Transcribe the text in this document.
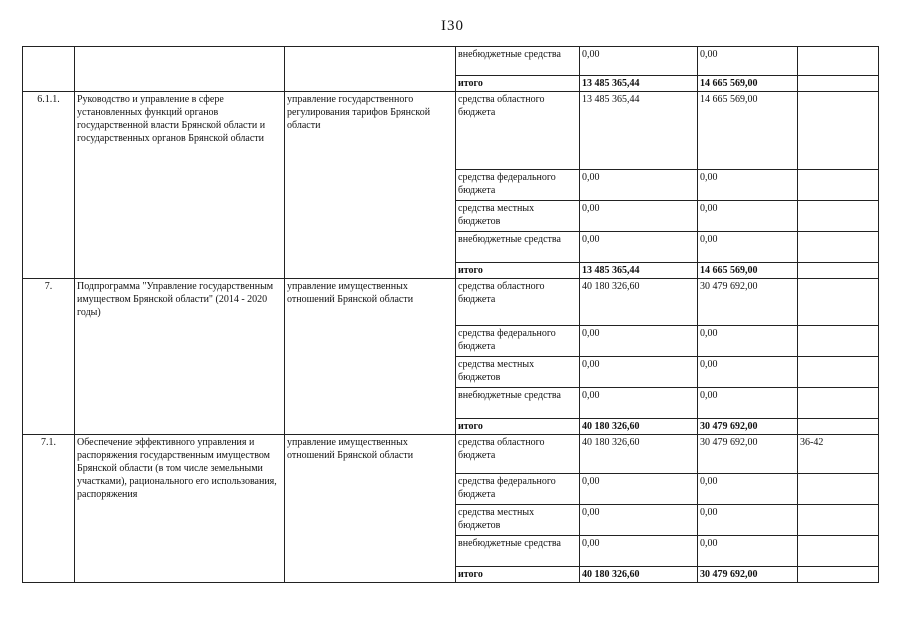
I30
			внебюджетные средства	0,00	0,00	
			итого	13 485 365,44	14 665 569,00	
6.1.1.	Руководство и управление в сфере установленных функций органов государственной власти Брянской области и государственных органов Брянской области	управление государственного регулирования тарифов Брянской области	средства областного бюджета	13 485 365,44	14 665 569,00	
			средства федерального бюджета	0,00	0,00	
			средства местных бюджетов	0,00	0,00	
			внебюджетные средства	0,00	0,00	
			итого	13 485 365,44	14 665 569,00	
7.	Подпрограмма "Управление государственным имуществом Брянской области" (2014 - 2020 годы)	управление имущественных отношений Брянской области	средства областного бюджета	40 180 326,60	30 479 692,00	
			средства федерального бюджета	0,00	0,00	
			средства местных бюджетов	0,00	0,00	
			внебюджетные средства	0,00	0,00	
			итого	40 180 326,60	30 479 692,00	
7.1.	Обеспечение эффективного управления и распоряжения государственным имуществом Брянской области (в том числе земельными участками), рационального его использования, распоряжения	управление имущественных отношений Брянской области	средства областного бюджета	40 180 326,60	30 479 692,00	36-42
			средства федерального бюджета	0,00	0,00	
			средства местных бюджетов	0,00	0,00	
			внебюджетные средства	0,00	0,00	
			итого	40 180 326,60	30 479 692,00	
